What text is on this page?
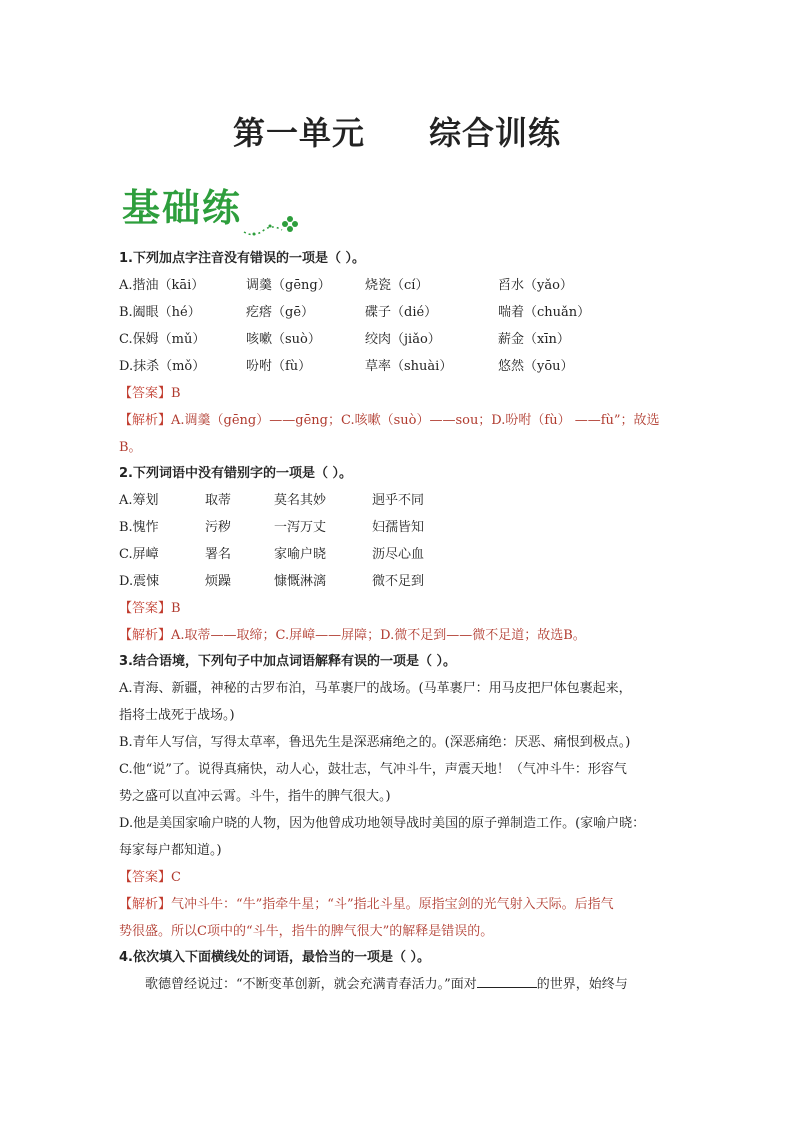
第一单元 综合训练
基础练
1.下列加点字注音没有错误的一项是（ ）。
A.揩油（kāi）	调羹（gēng）	烧瓷（cí）	舀水（yǎo）
B.阖眼（hé）	疙瘩（gē）	碟子（dié）	喘着（chuǎn）
C.保姆（mǔ）	咳嗽（suò）	绞肉（jiǎo）	薪金（xīn）
D.抹杀（mǒ）	吩咐（fù）	草率（shuài）	悠然（yōu）
【答案】B
【解析】A.调羹（gēng）——gēng；C.咳嗽（suò）——sou；D.吩咐（fù） ——fù”；故选B。
2.下列词语中没有错别字的一项是（ ）。
A.筹划	取蒂	莫名其妙	迥乎不同
B.愧怍	污秽	一泻万丈	妇孺皆知
C.屏嶂	署名	家喻户晓	沥尽心血
D.震悚	烦躁	慷慨淋漓	微不足到
【答案】B
【解析】A.取蒂——取缔；C.屏嶂——屏障；D.微不足到——微不足道；故选B。
3.结合语境，下列句子中加点词语解释有误的一项是（ ）。
A.青海、新疆，神秘的古罗布泊，马革裹尸的战场。(马革裹尸：用马皮把尸体包裹起来，
指将士战死于战场。)
B.青年人写信，写得太草率，鲁迅先生是深恶痛绝之的。(深恶痛绝：厌恶、痛恨到极点。)
C.他“说”了。说得真痛快，动人心，鼓壮志，气冲斗牛，声震天地！（气冲斗牛：形容气
势之盛可以直冲云霄。斗牛，指牛的脾气很大。)
D.他是美国家喻户晓的人物，因为他曾成功地领导战时美国的原子弹制造工作。(家喻户晓：
每家每户都知道。)
【答案】C
【解析】气冲斗牛：“牛”指牵牛星；“斗”指北斗星。原指宝剑的光气射入天际。后指气
势很盛。所以C项中的“斗牛，指牛的脾气很大”的解释是错误的。
4.依次填入下面横线处的词语，最恰当的一项是（ ）。
歌德曾经说过：“不断变革创新，就会充满青春活力。”面对	的世界，始终与
